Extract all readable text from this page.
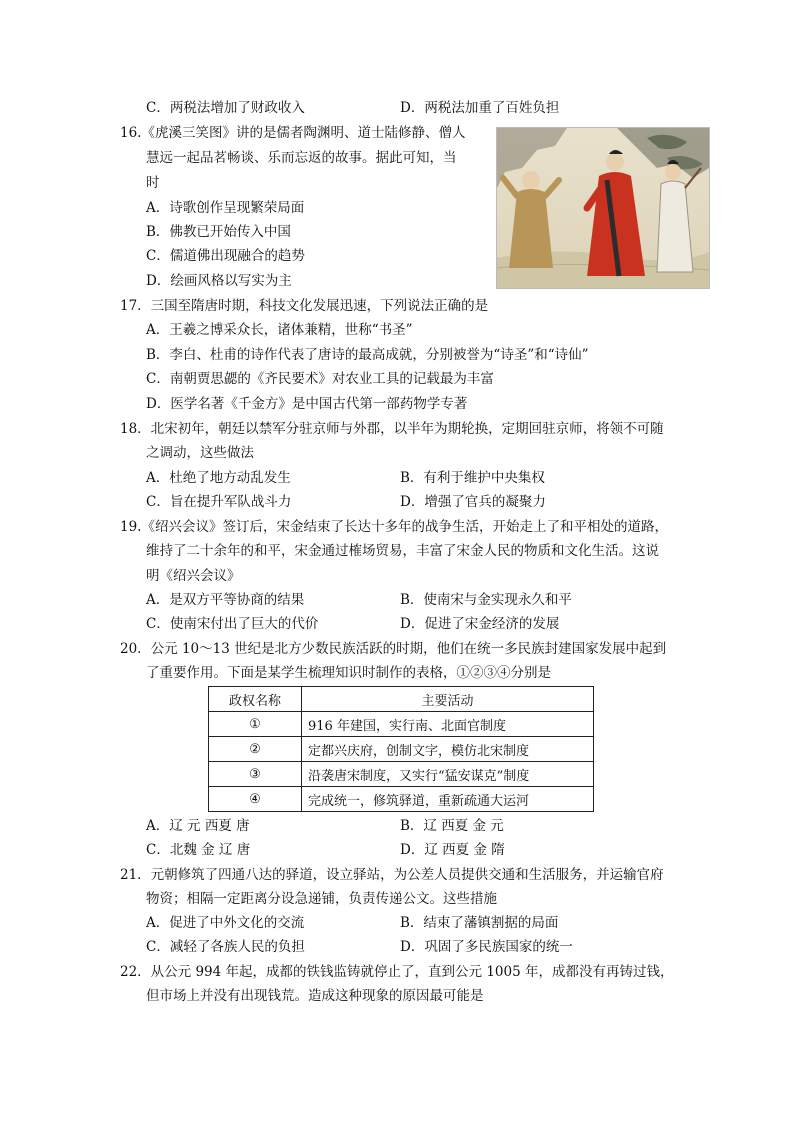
C．两税法增加了财政收入	D．两税法加重了百姓负担
16.《虎溪三笑图》讲的是儒者陶渊明、道士陆修静、僧人
慧远一起品茗畅谈、乐而忘返的故事。据此可知，当
时
A．诗歌创作呈现繁荣局面
B．佛教已开始传入中国
C．儒道佛出现融合的趋势
D．绘画风格以写实为主
17．三国至隋唐时期，科技文化发展迅速，下列说法正确的是
A．王羲之博采众长，诸体兼精，世称“书圣”
B．李白、杜甫的诗作代表了唐诗的最高成就，分别被誉为“诗圣”和“诗仙”
C．南朝贾思勰的《齐民要术》对农业工具的记载最为丰富
D．医学名著《千金方》是中国古代第一部药物学专著
18．北宋初年，朝廷以禁军分驻京师与外郡，以半年为期轮换，定期回驻京师，将领不可随
之调动，这些做法
A．杜绝了地方动乱发生	B．有利于维护中央集权
C．旨在提升军队战斗力	D．增强了官兵的凝聚力
19.《绍兴会议》签订后，宋金结束了长达十多年的战争生活，开始走上了和平相处的道路，
维持了二十余年的和平，宋金通过榷场贸易，丰富了宋金人民的物质和文化生活。这说
明《绍兴会议》
A．是双方平等协商的结果	B．使南宋与金实现永久和平
C．使南宋付出了巨大的代价	D．促进了宋金经济的发展
20．公元 10～13 世纪是北方少数民族活跃的时期，他们在统一多民族封建国家发展中起到
了重要作用。下面是某学生梳理知识时制作的表格，①②③④分别是
政权名称	主要活动
①	916 年建国，实行南、北面官制度
②	定都兴庆府，创制文字，模仿北宋制度
③	沿袭唐宋制度，又实行“猛安谋克”制度
④	完成统一，修筑驿道，重新疏通大运河
A．辽 元 西夏 唐	B．辽 西夏 金 元
C．北魏 金 辽 唐	D．辽 西夏 金 隋
21．元朝修筑了四通八达的驿道，设立驿站，为公差人员提供交通和生活服务，并运输官府
物资；相隔一定距离分设急递铺，负责传递公文。这些措施
A．促进了中外文化的交流	B．结束了藩镇割据的局面
C．减轻了各族人民的负担	D．巩固了多民族国家的统一
22．从公元 994 年起，成都的铁钱监铸就停止了，直到公元 1005 年，成都没有再铸过钱，
但市场上并没有出现钱荒。造成这种现象的原因最可能是
